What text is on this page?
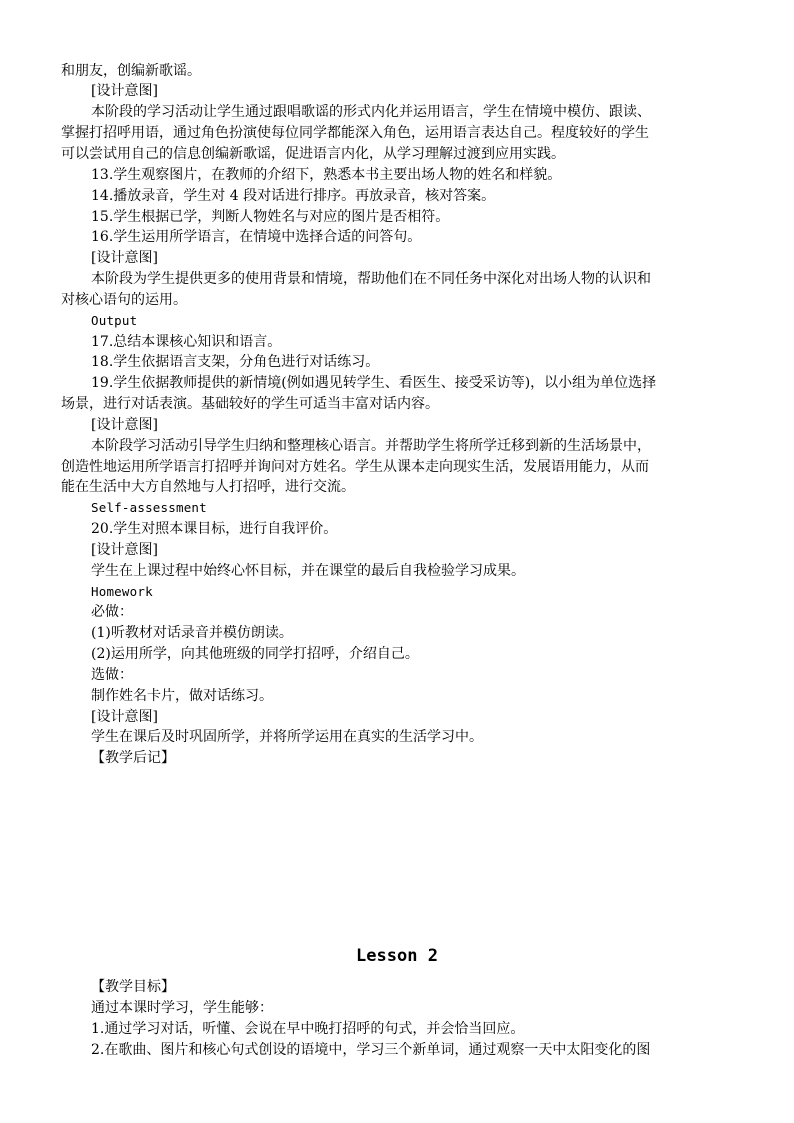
和朋友，创编新歌谣。
[设计意图]
本阶段的学习活动让学生通过跟唱歌谣的形式内化并运用语言，学生在情境中模仿、跟读、
掌握打招呼用语，通过角色扮演使每位同学都能深入角色，运用语言表达自己。程度较好的学生
可以尝试用自己的信息创编新歌谣，促进语言内化，从学习理解过渡到应用实践。
13.学生观察图片，在教师的介绍下，熟悉本书主要出场人物的姓名和样貌。
14.播放录音，学生对 4 段对话进行排序。再放录音，核对答案。
15.学生根据已学，判断人物姓名与对应的图片是否相符。
16.学生运用所学语言，在情境中选择合适的问答句。
[设计意图]
本阶段为学生提供更多的使用背景和情境，帮助他们在不同任务中深化对出场人物的认识和
对核心语句的运用。
Output
17.总结本课核心知识和语言。
18.学生依据语言支架，分角色进行对话练习。
19.学生依据教师提供的新情境(例如遇见转学生、看医生、接受采访等)，以小组为单位选择
场景，进行对话表演。基础较好的学生可适当丰富对话内容。
[设计意图]
本阶段学习活动引导学生归纳和整理核心语言。并帮助学生将所学迁移到新的生活场景中，
创造性地运用所学语言打招呼并询问对方姓名。学生从课本走向现实生活，发展语用能力，从而
能在生活中大方自然地与人打招呼，进行交流。
Self-assessment
20.学生对照本课目标，进行自我评价。
[设计意图]
学生在上课过程中始终心怀目标，并在课堂的最后自我检验学习成果。
Homework
必做：
(1)听教材对话录音并模仿朗读。
(2)运用所学，向其他班级的同学打招呼，介绍自己。
选做：
制作姓名卡片，做对话练习。
[设计意图]
学生在课后及时巩固所学，并将所学运用在真实的生活学习中。
【教学后记】
Lesson 2
【教学目标】
通过本课时学习，学生能够：
1.通过学习对话，听懂、会说在早中晚打招呼的句式，并会恰当回应。
2.在歌曲、图片和核心句式创设的语境中，学习三个新单词，通过观察一天中太阳变化的图
